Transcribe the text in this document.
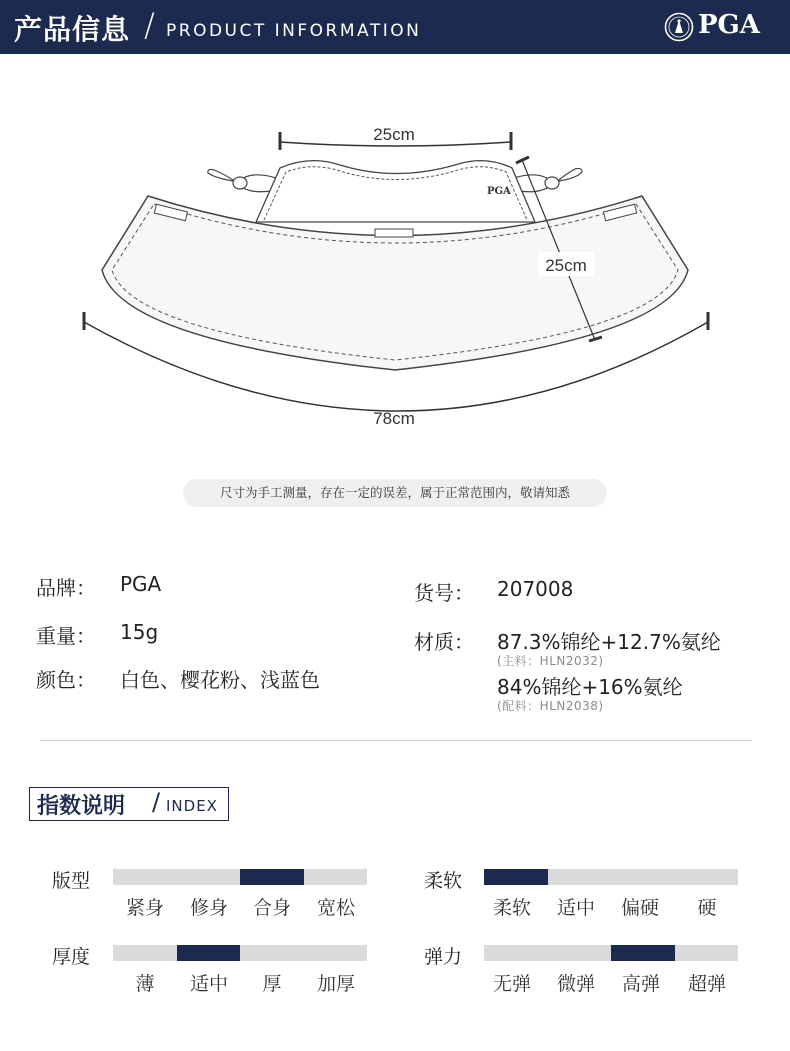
产品信息 / PRODUCT INFORMATION	PGA
25cm
PGA
25cm
78cm
尺寸为手工测量，存在一定的误差，属于正常范围内，敬请知悉
品牌： PGA
重量： 15g
颜色： 白色、樱花粉、浅蓝色
货号： 207008
材质： 87.3%锦纶+12.7%氨纶
(主料：HLN2032)
84%锦纶+16%氨纶
(配料：HLN2038)
指数说明 / INDEX
版型
紧身 修身 合身 宽松
柔软
柔软 适中 偏硬 硬
厚度
薄 适中 厚 加厚
弹力
无弹 微弹 高弹 超弹
